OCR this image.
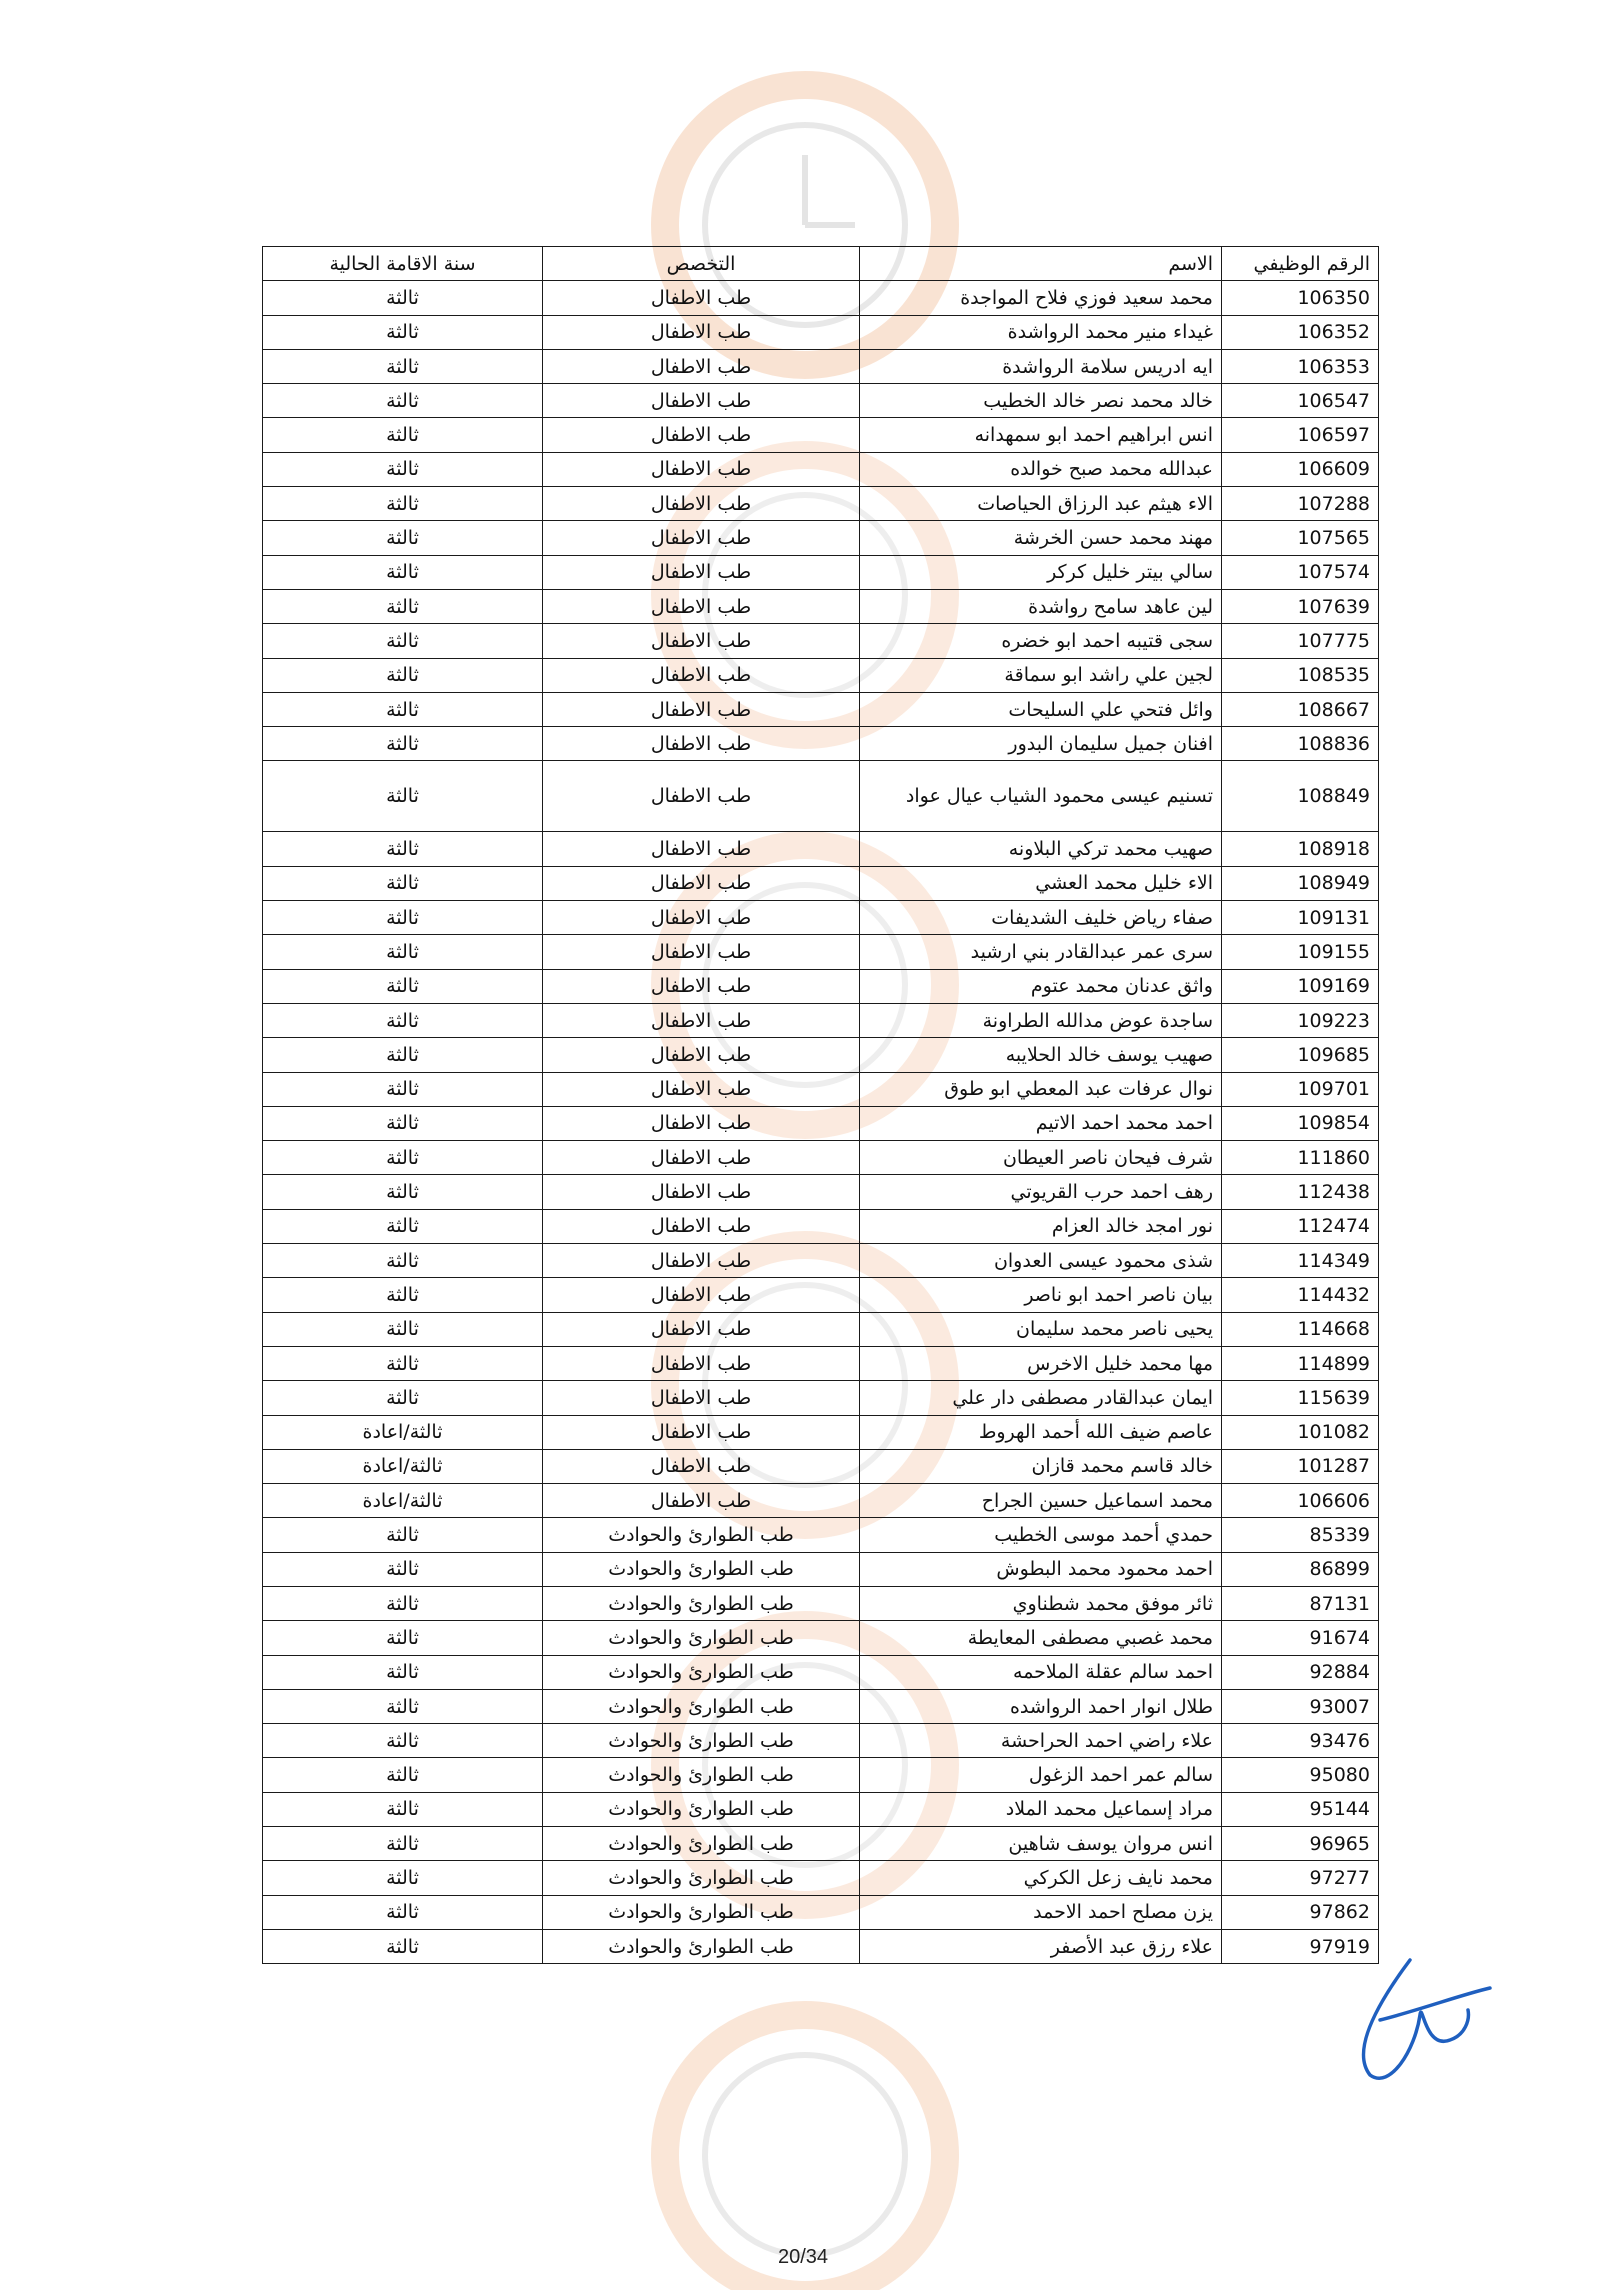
الرقم الوظيفي	الاسم	التخصص	سنة الاقامة الحالية
106350	محمد سعيد فوزي فلاح المواجدة	طب الاطفال	ثالثة
106352	غيداء منير محمد الرواشدة	طب الاطفال	ثالثة
106353	ايه ادريس سلامة الرواشدة	طب الاطفال	ثالثة
106547	خالد محمد نصر خالد الخطيب	طب الاطفال	ثالثة
106597	انس ابراهيم احمد ابو سمهدانه	طب الاطفال	ثالثة
106609	عبدالله محمد صبح خوالده	طب الاطفال	ثالثة
107288	الاء هيثم عبد الرزاق الحياصات	طب الاطفال	ثالثة
107565	مهند محمد حسن الخرشة	طب الاطفال	ثالثة
107574	سالي بيتر خليل كركر	طب الاطفال	ثالثة
107639	لين عاهد سامح رواشدة	طب الاطفال	ثالثة
107775	سجى قتيبه احمد ابو خضره	طب الاطفال	ثالثة
108535	لجين علي راشد ابو سماقة	طب الاطفال	ثالثة
108667	وائل فتحي علي السليحات	طب الاطفال	ثالثة
108836	افنان جميل سليمان البدور	طب الاطفال	ثالثة
108849	تسنيم عيسى محمود الشياب عيال عواد	طب الاطفال	ثالثة
108918	صهيب محمد تركي البلاونه	طب الاطفال	ثالثة
108949	الاء خليل محمد العشي	طب الاطفال	ثالثة
109131	صفاء رياض خليف الشديفات	طب الاطفال	ثالثة
109155	سرى عمر عبدالقادر بني ارشيد	طب الاطفال	ثالثة
109169	واثق عدنان محمد عتوم	طب الاطفال	ثالثة
109223	ساجدة عوض مدالله الطراونة	طب الاطفال	ثالثة
109685	صهيب يوسف خالد الحلايبه	طب الاطفال	ثالثة
109701	نوال عرفات عبد المعطي ابو طوق	طب الاطفال	ثالثة
109854	احمد محمد احمد الاتيم	طب الاطفال	ثالثة
111860	شرف فيحان ناصر العيطان	طب الاطفال	ثالثة
112438	رهف احمد حرب القريوتي	طب الاطفال	ثالثة
112474	نور امجد خالد العزام	طب الاطفال	ثالثة
114349	شذى محمود عيسى العدوان	طب الاطفال	ثالثة
114432	بيان ناصر احمد ابو ناصر	طب الاطفال	ثالثة
114668	يحيى ناصر محمد سليمان	طب الاطفال	ثالثة
114899	مها محمد خليل الاخرس	طب الاطفال	ثالثة
115639	ايمان عبدالقادر مصطفى دار علي	طب الاطفال	ثالثة
101082	عاصم ضيف الله أحمد الهروط	طب الاطفال	ثالثة/اعادة
101287	خالد قاسم محمد قازان	طب الاطفال	ثالثة/اعادة
106606	محمد اسماعيل حسين الجراح	طب الاطفال	ثالثة/اعادة
85339	حمدي أحمد موسى الخطيب	طب الطوارئ والحوادث	ثالثة
86899	احمد محمود محمد البطوش	طب الطوارئ والحوادث	ثالثة
87131	ثائر موفق محمد شطناوي	طب الطوارئ والحوادث	ثالثة
91674	محمد غصبي مصطفى المعايطة	طب الطوارئ والحوادث	ثالثة
92884	احمد سالم عقلة الملاحمه	طب الطوارئ والحوادث	ثالثة
93007	طلال انوار احمد الرواشده	طب الطوارئ والحوادث	ثالثة
93476	علاء راضي احمد الحراحشة	طب الطوارئ والحوادث	ثالثة
95080	سالم عمر احمد الزغول	طب الطوارئ والحوادث	ثالثة
95144	مراد إسماعيل محمد الملاد	طب الطوارئ والحوادث	ثالثة
96965	انس مروان يوسف شاهين	طب الطوارئ والحوادث	ثالثة
97277	محمد نايف زعل الكركي	طب الطوارئ والحوادث	ثالثة
97862	يزن مصلح احمد الاحمد	طب الطوارئ والحوادث	ثالثة
97919	علاء رزق عبد الأصفر	طب الطوارئ والحوادث	ثالثة
20/34
